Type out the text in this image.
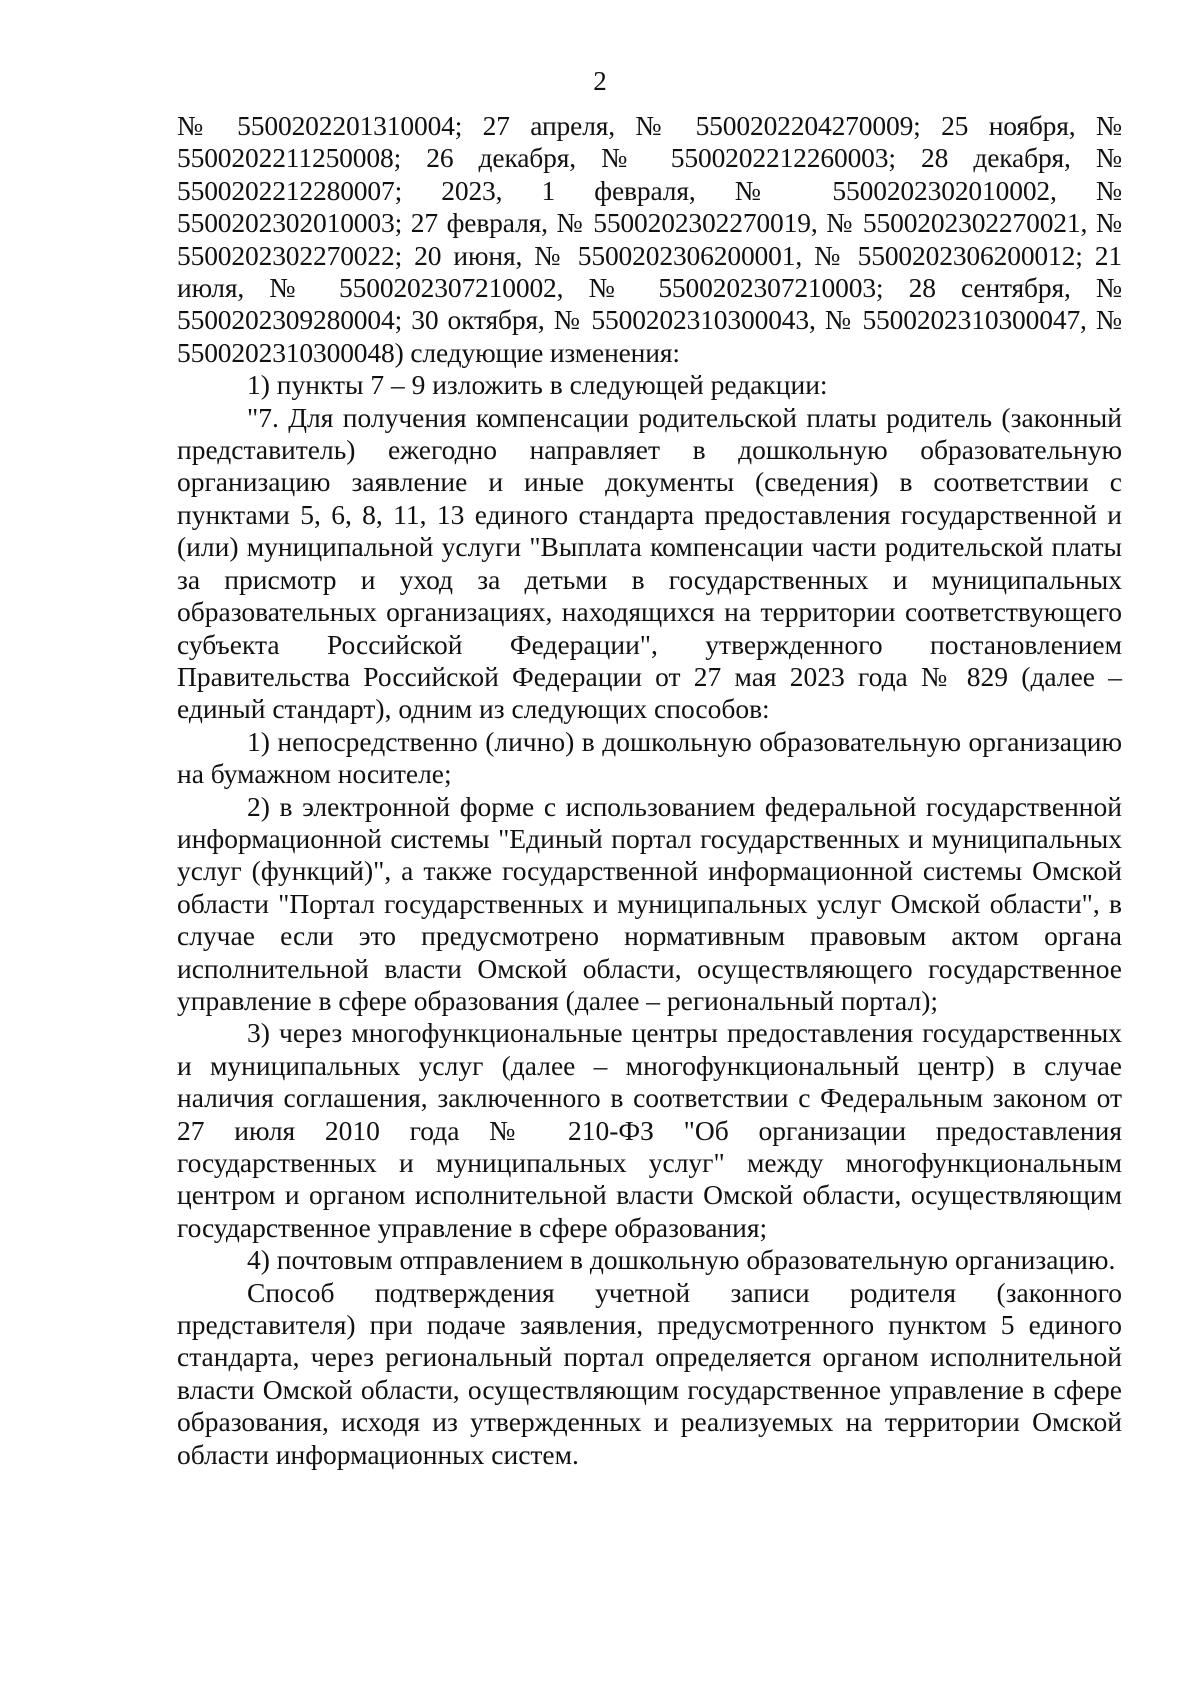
2

№ 5500202201310004; 27 апреля, № 5500202204270009; 25 ноября, № 5500202211250008; 26 декабря, № 5500202212260003; 28 декабря, № 5500202212280007; 2023, 1 февраля, № 5500202302010002, № 5500202302010003; 27 февраля, № 5500202302270019, № 5500202302270021, № 5500202302270022; 20 июня, № 5500202306200001, № 5500202306200012; 21 июля, № 5500202307210002, № 5500202307210003; 28 сентября, № 5500202309280004; 30 октября, № 5500202310300043, № 5500202310300047, № 5500202310300048) следующие изменения:

1) пункты 7 – 9 изложить в следующей редакции:

"7. Для получения компенсации родительской платы родитель (законный представитель) ежегодно направляет в дошкольную образовательную организацию заявление и иные документы (сведения) в соответствии с пунктами 5, 6, 8, 11, 13 единого стандарта предоставления государственной и (или) муниципальной услуги "Выплата компенсации части родительской платы за присмотр и уход за детьми в государственных и муниципальных образовательных организациях, находящихся на территории соответствующего субъекта Российской Федерации", утвержденного постановлением Правительства Российской Федерации от 27 мая 2023 года № 829 (далее – единый стандарт), одним из следующих способов:

1) непосредственно (лично) в дошкольную образовательную организацию на бумажном носителе;

2) в электронной форме с использованием федеральной государственной информационной системы "Единый портал государственных и муниципальных услуг (функций)", а также государственной информационной системы Омской области "Портал государственных и муниципальных услуг Омской области", в случае если это предусмотрено нормативным правовым актом органа исполнительной власти Омской области, осуществляющего государственное управление в сфере образования (далее – региональный портал);

3) через многофункциональные центры предоставления государственных и муниципальных услуг (далее – многофункциональный центр) в случае наличия соглашения, заключенного в соответствии с Федеральным законом от 27 июля 2010 года № 210-ФЗ "Об организации предоставления государственных и муниципальных услуг" между многофункциональным центром и органом исполнительной власти Омской области, осуществляющим государственное управление в сфере образования;

4) почтовым отправлением в дошкольную образовательную организацию.

Способ подтверждения учетной записи родителя (законного представителя) при подаче заявления, предусмотренного пунктом 5 единого стандарта, через региональный портал определяется органом исполнительной власти Омской области, осуществляющим государственное управление в сфере образования, исходя из утвержденных и реализуемых на территории Омской области информационных систем.
